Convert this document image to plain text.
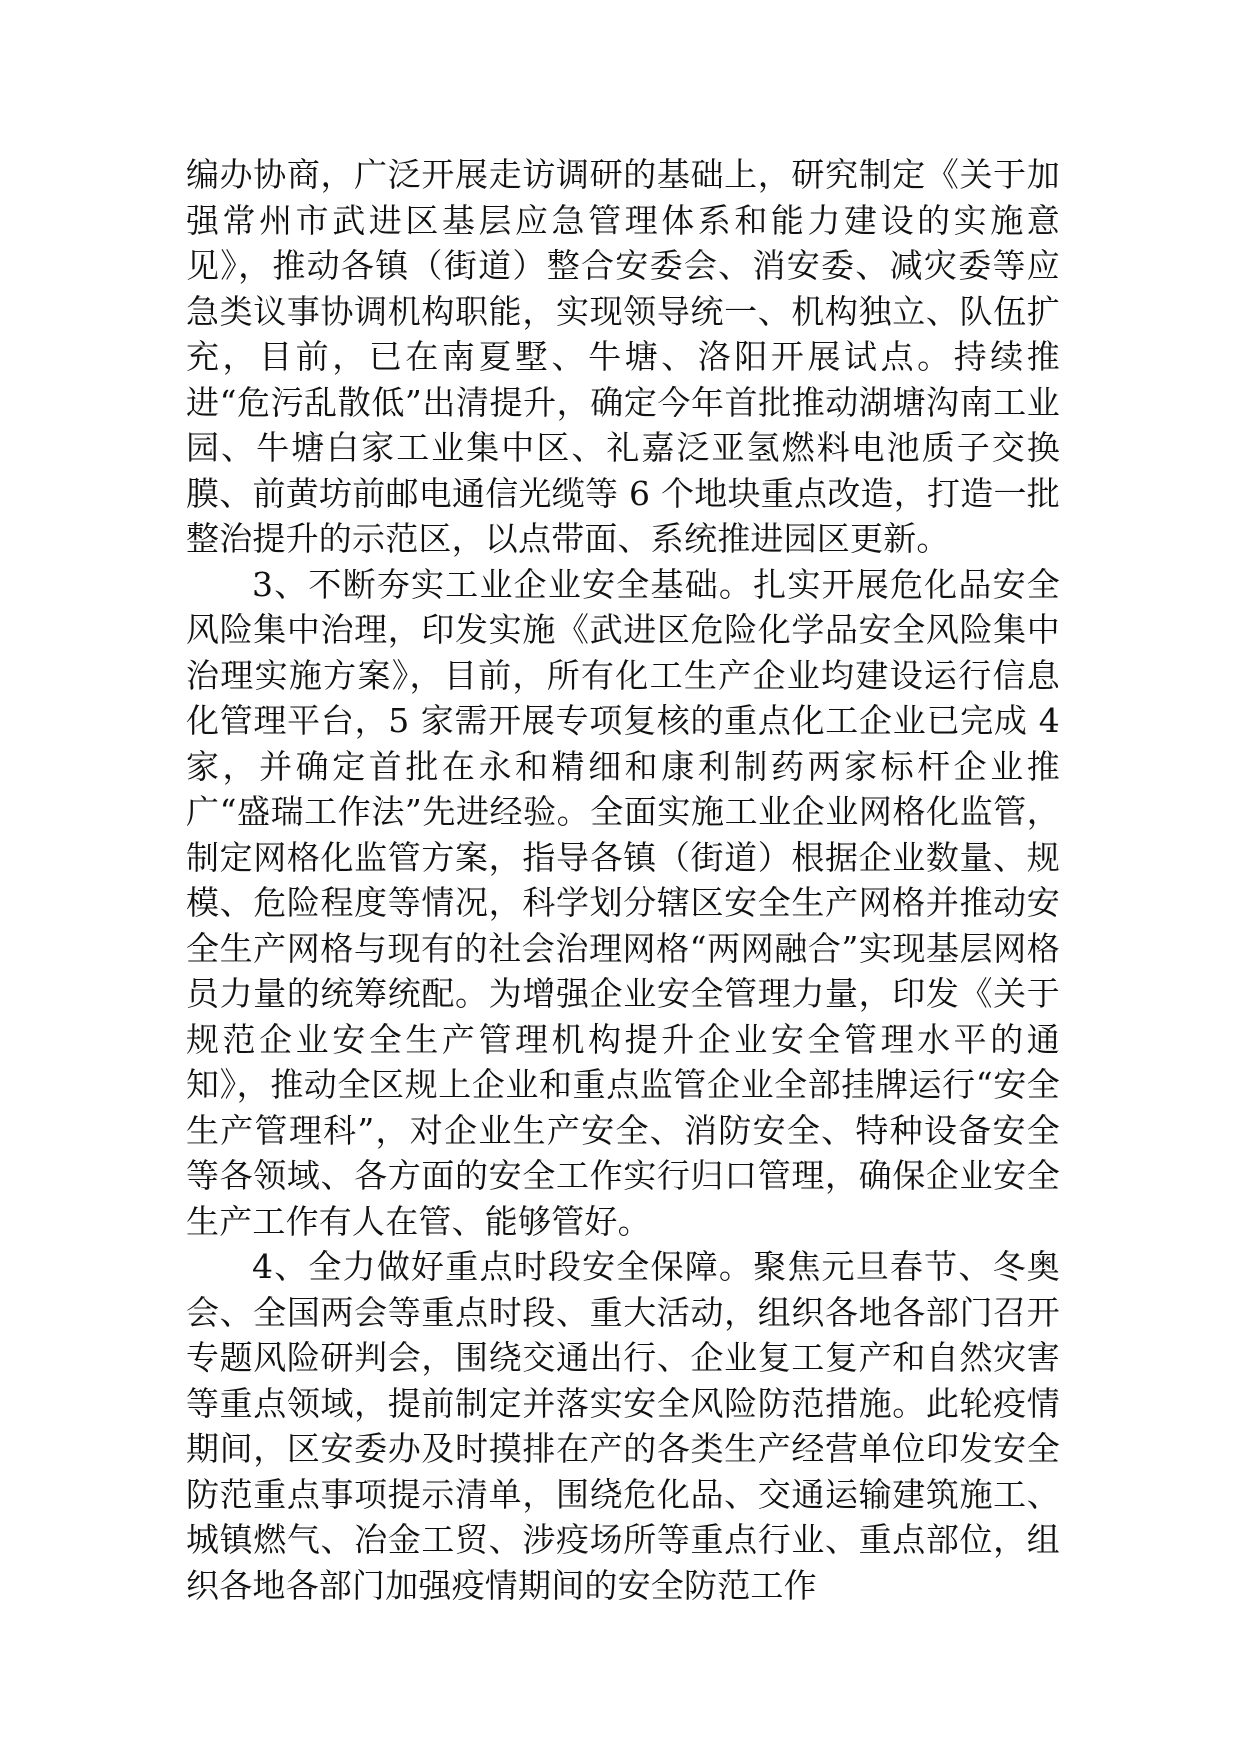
编办协商，广泛开展走访调研的基础上，研究制定《关于加强常州市武进区基层应急管理体系和能力建设的实施意见》，推动各镇（街道）整合安委会、消安委、减灾委等应急类议事协调机构职能，实现领导统一、机构独立、队伍扩充，目前，已在南夏墅、牛塘、洛阳开展试点。持续推进“危污乱散低”出清提升，确定今年首批推动湖塘沟南工业园、牛塘白家工业集中区、礼嘉泛亚氢燃料电池质子交换膜、前黄坊前邮电通信光缆等 6 个地块重点改造，打造一批整治提升的示范区，以点带面、系统推进园区更新。

3、不断夯实工业企业安全基础。扎实开展危化品安全风险集中治理，印发实施《武进区危险化学品安全风险集中治理实施方案》，目前，所有化工生产企业均建设运行信息化管理平台，5 家需开展专项复核的重点化工企业已完成 4 家，并确定首批在永和精细和康利制药两家标杆企业推广“盛瑞工作法”先进经验。全面实施工业企业网格化监管，制定网格化监管方案，指导各镇（街道）根据企业数量、规模、危险程度等情况，科学划分辖区安全生产网格并推动安全生产网格与现有的社会治理网格“两网融合”实现基层网格员力量的统筹统配。为增强企业安全管理力量，印发《关于规范企业安全生产管理机构提升企业安全管理水平的通知》，推动全区规上企业和重点监管企业全部挂牌运行“安全生产管理科”，对企业生产安全、消防安全、特种设备安全等各领域、各方面的安全工作实行归口管理，确保企业安全生产工作有人在管、能够管好。

4、全力做好重点时段安全保障。聚焦元旦春节、冬奥会、全国两会等重点时段、重大活动，组织各地各部门召开专题风险研判会，围绕交通出行、企业复工复产和自然灾害等重点领域，提前制定并落实安全风险防范措施。此轮疫情期间，区安委办及时摸排在产的各类生产经营单位印发安全防范重点事项提示清单，围绕危化品、交通运输建筑施工、城镇燃气、冶金工贸、涉疫场所等重点行业、重点部位，组织各地各部门加强疫情期间的安全防范工作
